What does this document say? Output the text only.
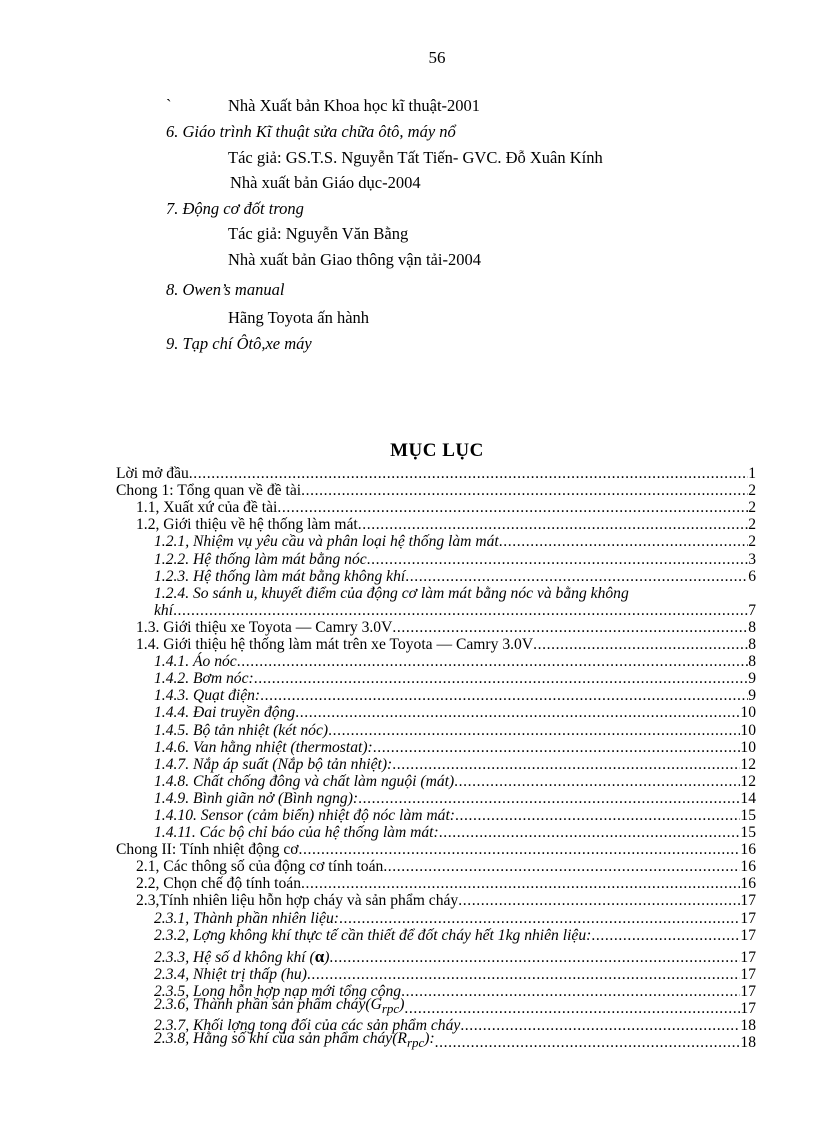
56
`	Nhà Xuất bản Khoa học kĩ thuật-2001
6. Giáo trình Kĩ thuật sửa chữa ôtô, máy nổ
Tác giả: GS.T.S. Nguyễn Tất Tiến- GVC. Đỗ Xuân Kính
Nhà xuất bản Giáo dục-2004
7. Động cơ đốt trong
Tác giả: Nguyễn Văn Bằng
Nhà xuất bản Giao thông vận tải-2004
8. Owen’s manual
Hãng Toyota ấn hành
9. Tạp chí Ôtô,xe máy
MỤC LỤC
Lời mở đầu .....	1
Chong 1: Tổng quan về đề tài .....	2
1.1, Xuất xứ của đề tài .....	2
1.2, Giới thiệu về hệ thống làm mát .....	2
1.2.1, Nhiệm vụ yêu cầu và phân loại hệ thống làm mát .....	2
1.2.2. Hệ thống làm mát bằng nóc .....	3
1.2.3. Hệ thống làm mát bằng không khí .....	6
1.2.4. So sánh u, khuyết điểm của động cơ làm mát bằng nóc và bằng không
khí .....	7
1.3. Giới thiệu xe Toyota — Camry 3.0V .....	8
1.4. Giới thiệu hệ thống làm mát trên xe Toyota — Camry 3.0V .....	8
1.4.1. Áo nóc .....	8
1.4.2. Bơm nóc: .....	9
1.4.3. Quạt điện: .....	9
1.4.4. Đai truyền động .....	10
1.4.5. Bộ tản nhiệt (két nóc) .....	10
1.4.6. Van hằng nhiệt (thermostat): .....	10
1.4.7. Nắp áp suất (Nắp bộ tản nhiệt): .....	12
1.4.8. Chất chống đông và chất làm nguội (mát) .....	12
1.4.9. Bình giãn nở (Bình ngng): .....	14
1.4.10. Sensor (cảm biến) nhiệt độ nóc làm mát: .....	15
1.4.11. Các bộ chỉ báo của hệ thống làm mát: .....	15
Chong II: Tính nhiệt động cơ .....	16
2.1, Các thông số của động cơ tính toán .....	16
2.2, Chọn chế độ tính toán .....	16
2.3,Tính nhiên liệu hỗn hợp cháy và sản phẩm cháy .....	17
2.3.1, Thành phần nhiên liệu: .....	17
2.3.2, Lợng không khí thực tế cần thiết để đốt cháy hết 1kg nhiên liệu: .....	17
2.3.3, Hệ số d không khí (α) .....	17
2.3.4, Nhiệt trị thấp (hu) .....	17
2.3.5, Long hỗn hợp nạp mới tổng cộng .....	17
2.3.6, Thành phần sản phẩm $cháy(G_{rpc})$ .....	17
2.3.7, Khối lợng tong đối của các sản phẩm cháy .....	18
2.3.8, Hằng số khí của sản phẩm $cháy(R_{rpc})$: .....	18
